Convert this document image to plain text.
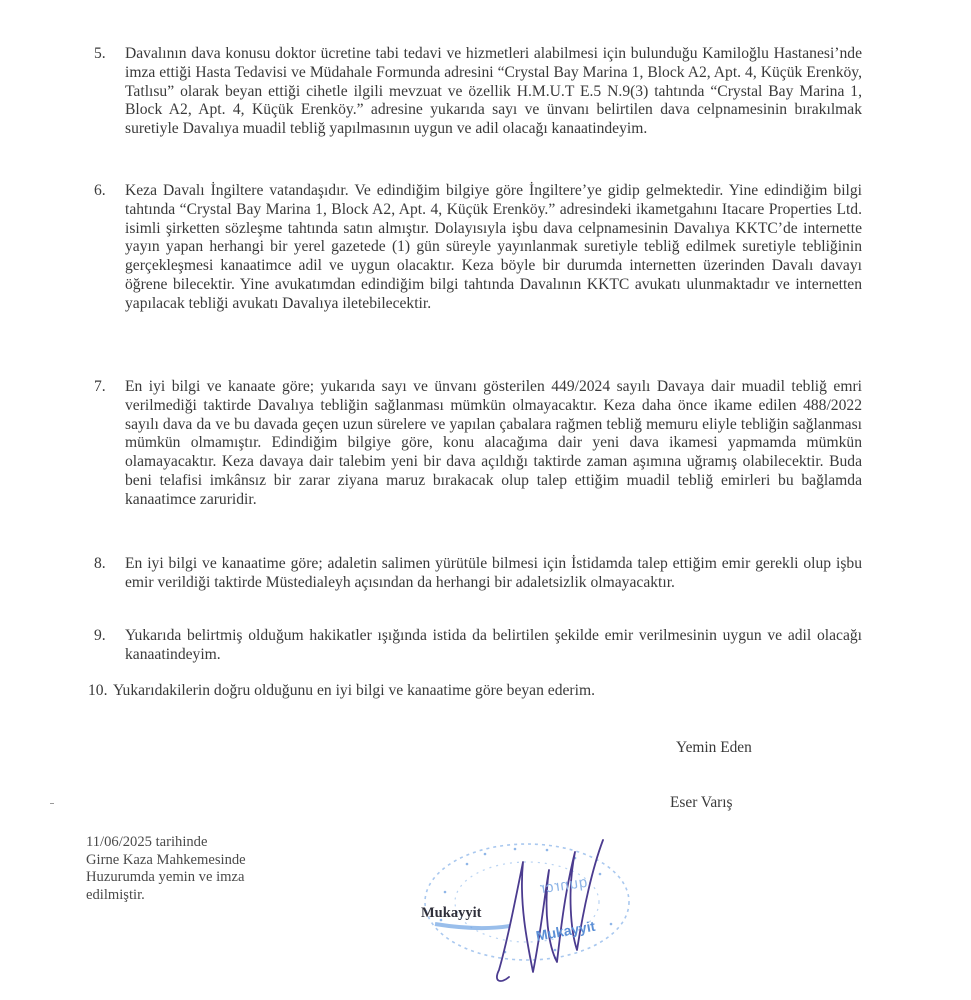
5.	Davalının dava konusu doktor ücretine tabi tedavi ve hizmetleri alabilmesi için bulunduğu Kamiloğlu Hastanesi’nde imza ettiği Hasta Tedavisi ve Müdahale Formunda adresini “Crystal Bay Marina 1, Block A2, Apt. 4, Küçük Erenköy, Tatlısu” olarak beyan ettiği cihetle ilgili mevzuat ve özellik H.M.U.T E.5 N.9(3) tahtında “Crystal Bay Marina 1, Block A2, Apt. 4, Küçük Erenköy.” adresine yukarıda sayı ve ünvanı belirtilen dava celpnamesinin bırakılmak suretiyle Davalıya muadil tebliğ yapılmasının uygun ve adil olacağı kanaatindeyim.
6.	Keza Davalı İngiltere vatandaşıdır. Ve edindiğim bilgiye göre İngiltere’ye gidip gelmektedir. Yine edindiğim bilgi tahtında “Crystal Bay Marina 1, Block A2, Apt. 4, Küçük Erenköy.” adresindeki ikametgahını Itacare Properties Ltd. isimli şirketten sözleşme tahtında satın almıştır. Dolayısıyla işbu dava celpnamesinin Davalıya KKTC’de internette yayın yapan herhangi bir yerel gazetede (1) gün süreyle yayınlanmak suretiyle tebliğ edilmek suretiyle tebliğinin gerçekleşmesi kanaatimce adil ve uygun olacaktır. Keza böyle bir durumda internetten üzerinden Davalı davayı öğrene bilecektir. Yine avukatımdan edindiğim bilgi tahtında Davalının KKTC avukatı ulunmaktadır ve internetten yapılacak tebliği avukatı Davalıya iletebilecektir.
7.	En iyi bilgi ve kanaate göre; yukarıda sayı ve ünvanı gösterilen 449/2024 sayılı Davaya dair muadil tebliğ emri verilmediği taktirde Davalıya tebliğin sağlanması mümkün olmayacaktır. Keza daha önce ikame edilen 488/2022 sayılı dava da ve bu davada geçen uzun sürelere ve yapılan çabalara rağmen tebliğ memuru eliyle tebliğin sağlanması mümkün olmamıştır. Edindiğim bilgiye göre, konu alacağıma dair yeni dava ikamesi yapmamda mümkün olamayacaktır. Keza davaya dair talebim yeni bir dava açıldığı taktirde zaman aşımına uğramış olabilecektir. Buda beni telafisi imkânsız bir zarar ziyana maruz bırakacak olup talep ettiğim muadil tebliğ emirleri bu bağlamda kanaatimce zaruridir.
8.	En iyi bilgi ve kanaatime göre; adaletin salimen yürütüle bilmesi için İstidamda talep ettiğim emir gerekli olup işbu emir verildiği taktirde Müstedialeyh açısından da herhangi bir adaletsizlik olmayacaktır.
9.	Yukarıda belirtmiş olduğum hakikatler ışığında istida da belirtilen şekilde emir verilmesinin uygun ve adil olacağı kanaatindeyim.
10. Yukarıdakilerin doğru olduğunu en iyi bilgi ve kanaatime göre beyan ederim.
Yemin Eden
Eser Varış
11/06/2025 tarihinde
Girne Kaza Mahkemesinde
Huzurumda yemin ve imza
edilmiştir.	ɹɔɹunb
Mukayyit
Mukayyit
